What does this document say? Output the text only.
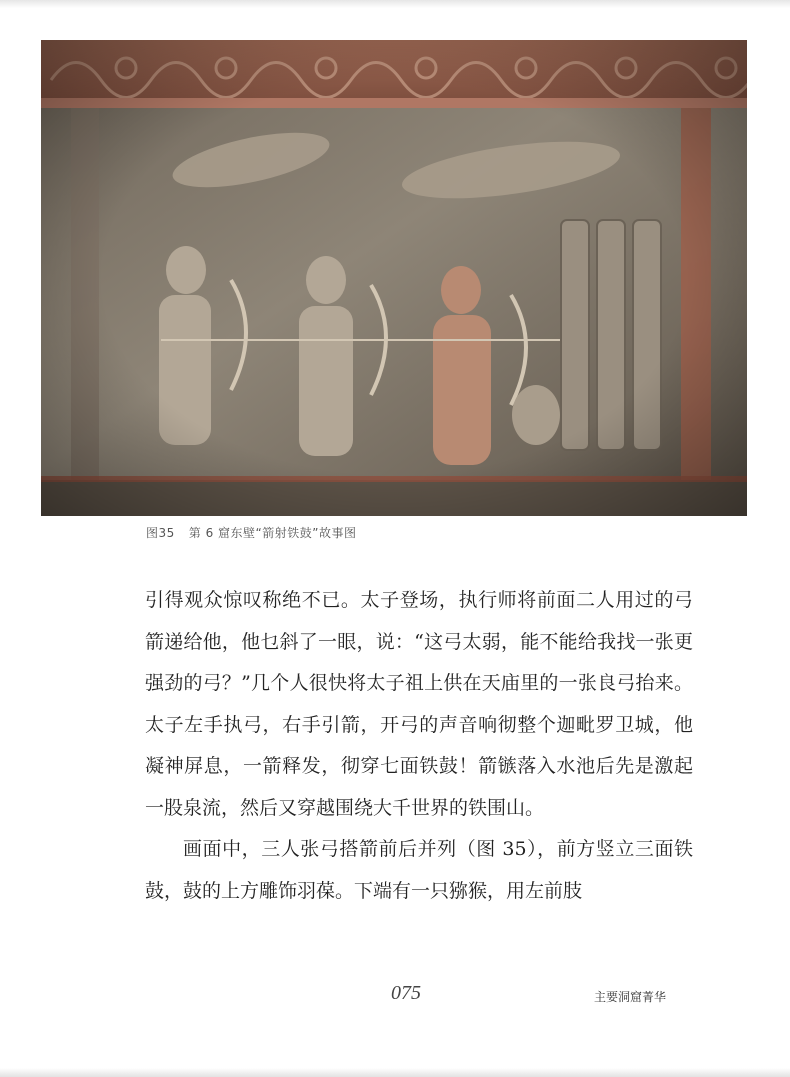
图35 第 6 窟东壁“箭射铁鼓”故事图

引得观众惊叹称绝不已。太子登场，执行师将前面二人用过的弓箭递给他，他乜斜了一眼，说：“这弓太弱，能不能给我找一张更强劲的弓？”几个人很快将太子祖上供在天庙里的一张良弓抬来。太子左手执弓，右手引箭，开弓的声音响彻整个迦毗罗卫城，他凝神屏息，一箭释发，彻穿七面铁鼓！箭镞落入水池后先是激起一股泉流，然后又穿越围绕大千世界的铁围山。

画面中，三人张弓搭箭前后并列（图 35），前方竖立三面铁鼓，鼓的上方雕饰羽葆。下端有一只猕猴，用左前肢

075	主要洞窟菁华
